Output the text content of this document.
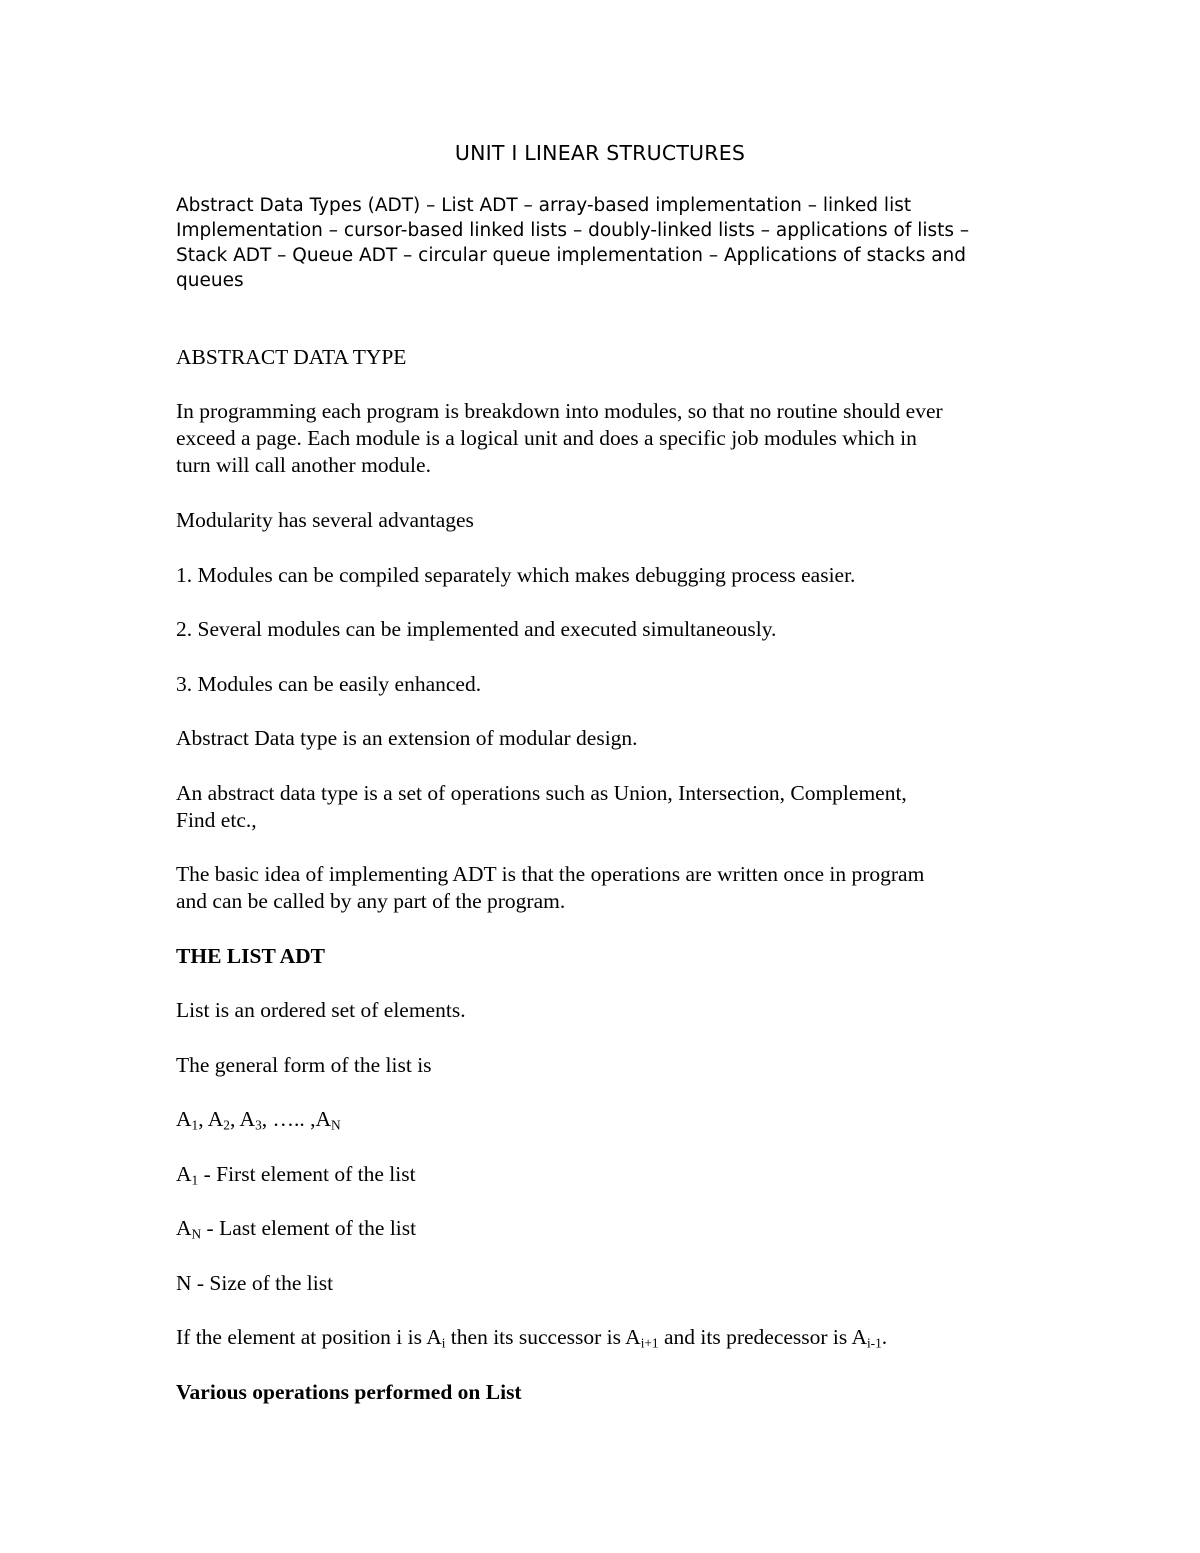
UNIT I LINEAR STRUCTURES
Abstract Data Types (ADT) – List ADT – array-based implementation – linked list
Implementation – cursor-based linked lists – doubly-linked lists – applications of lists –
Stack ADT – Queue ADT – circular queue implementation – Applications of stacks and
queues
ABSTRACT DATA TYPE
In programming each program is breakdown into modules, so that no routine should ever
exceed a page. Each module is a logical unit and does a specific job modules which in
turn will call another module.
Modularity has several advantages
1. Modules can be compiled separately which makes debugging process easier.
2. Several modules can be implemented and executed simultaneously.
3. Modules can be easily enhanced.
Abstract Data type is an extension of modular design.
An abstract data type is a set of operations such as Union, Intersection, Complement,
Find etc.,
The basic idea of implementing ADT is that the operations are written once in program
and can be called by any part of the program.
THE LIST ADT
List is an ordered set of elements.
The general form of the list is
$A_1$, $A_2$, $A_3$, ….. $,A_N$
$A_1$ - First element of the list
$A_N$ - Last element of the list
N - Size of the list
If the element at position i is $A_i$ then its successor is $A_{i+1}$ and its predecessor is $A_{i-1}$.
Various operations performed on List
